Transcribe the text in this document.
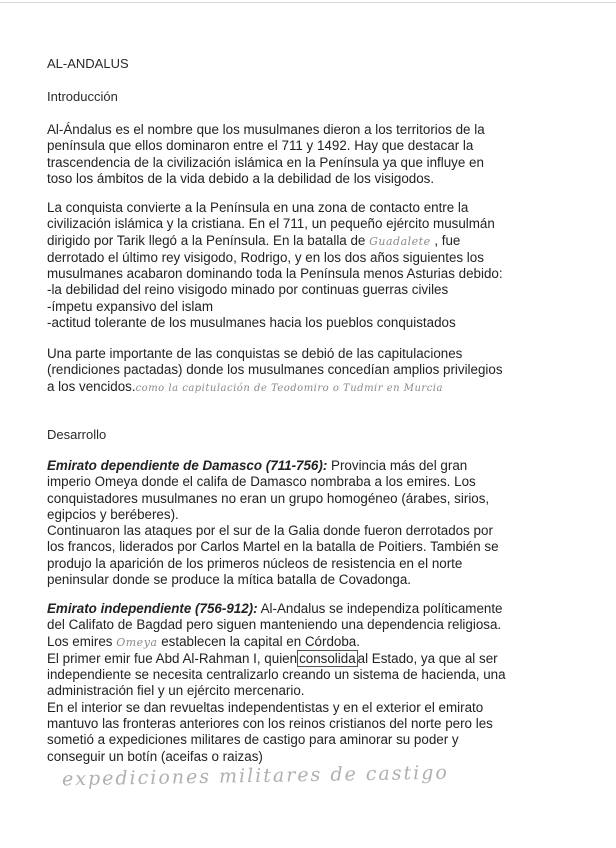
AL-ANDALUS
Introducción
Al-Ándalus es el nombre que los musulmanes dieron a los territorios de la
península que ellos dominaron entre el 711 y 1492. Hay que destacar la
trascendencia de la civilización islámica en la Península ya que influye en
toso los ámbitos de la vida debido a la debilidad de los visigodos.
La conquista convierte a la Península en una zona de contacto entre la
civilización islámica y la cristiana. En el 711, un pequeño ejército musulmán
dirigido por Tarik llegó a la Península. En la batalla de Guadalete , fue
derrotado el último rey visigodo, Rodrigo, y en los dos años siguientes los
musulmanes acabaron dominando toda la Península menos Asturias debido:
-la debilidad del reino visigodo minado por continuas guerras civiles
-ímpetu expansivo del islam
-actitud tolerante de los musulmanes hacia los pueblos conquistados
Una parte importante de las conquistas se debió de las capitulaciones
(rendiciones pactadas) donde los musulmanes concedían amplios privilegios
a los vencidos.como la capitulación de Teodomiro o Tudmir en Murcia
Desarrollo
Emirato dependiente de Damasco (711-756): Provincia más del gran
imperio Omeya donde el califa de Damasco nombraba a los emires. Los
conquistadores musulmanes no eran un grupo homogéneo (árabes, sirios,
egipcios y beréberes).
Continuaron las ataques por el sur de la Galia donde fueron derrotados por
los francos, liderados por Carlos Martel en la batalla de Poitiers. También se
produjo la aparición de los primeros núcleos de resistencia en el norte
peninsular donde se produce la mítica batalla de Covadonga.
Emirato independiente (756-912): Al-Andalus se independiza políticamente
del Califato de Bagdad pero siguen manteniendo una dependencia religiosa.
Los emires Omeya establecen la capital en Córdoba.
El primer emir fue Abd Al-Rahman I, quien consolida al Estado, ya que al ser
independiente se necesita centralizarlo creando un sistema de hacienda, una
administración fiel y un ejército mercenario.
En el interior se dan revueltas independentistas y en el exterior el emirato
mantuvo las fronteras anteriores con los reinos cristianos del norte pero les
sometió a expediciones militares de castigo para aminorar su poder y
conseguir un botín (aceifas o raizas)
expediciones militares de castigo
